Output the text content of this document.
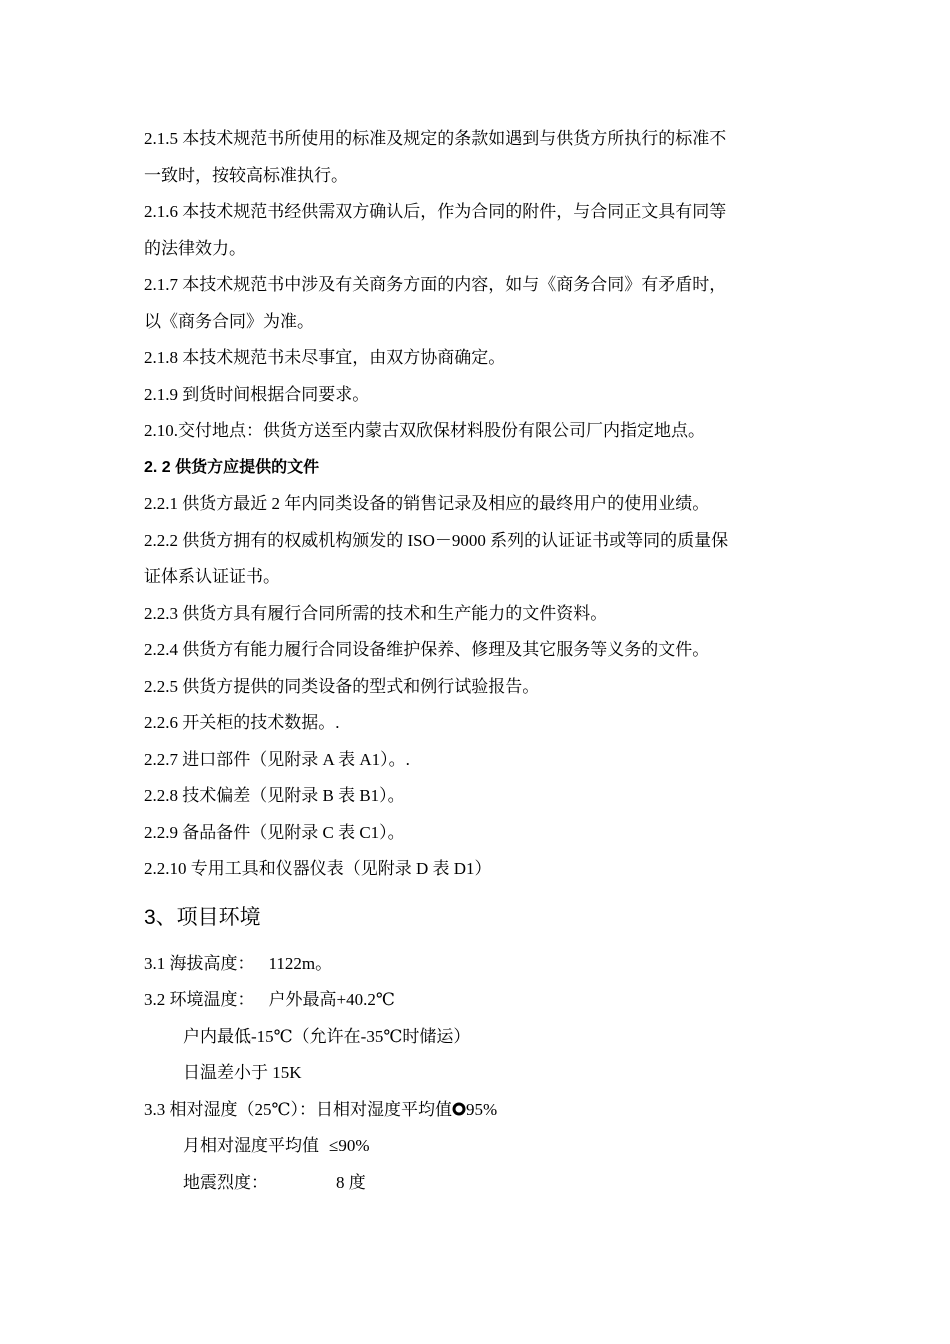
2.1.5 本技术规范书所使用的标准及规定的条款如遇到与供货方所执行的标准不
一致时，按较高标准执行。
2.1.6 本技术规范书经供需双方确认后，作为合同的附件，与合同正文具有同等
的法律效力。
2.1.7 本技术规范书中涉及有关商务方面的内容，如与《商务合同》有矛盾时，
以《商务合同》为准。
2.1.8 本技术规范书未尽事宜，由双方协商确定。
2.1.9 到货时间根据合同要求。
2.10.交付地点：供货方送至内蒙古双欣保材料股份有限公司厂内指定地点。
2. 2 供货方应提供的文件
2.2.1 供货方最近 2 年内同类设备的销售记录及相应的最终用户的使用业绩。
2.2.2 供货方拥有的权威机构颁发的 ISO－9000 系列的认证证书或等同的质量保
证体系认证证书。
2.2.3 供货方具有履行合同所需的技术和生产能力的文件资料。
2.2.4 供货方有能力履行合同设备维护保养、修理及其它服务等义务的文件。
2.2.5 供货方提供的同类设备的型式和例行试验报告。
2.2.6 开关柜的技术数据。.
2.2.7 进口部件（见附录 A 表 A1）。.
2.2.8 技术偏差（见附录 B 表 B1）。
2.2.9 备品备件（见附录 C 表 C1）。
2.2.10 专用工具和仪器仪表（见附录 D 表 D1）
3、项目环境
3.1 海拔高度： 1122m。
3.2 环境温度： 户外最高+40.2℃
户内最低-15℃（允许在-35℃时储运）
日温差小于 15K
3.3 相对湿度（25℃）：日相对湿度平均值 95%
月相对湿度平均值 ≤90%
地震烈度：	8 度
